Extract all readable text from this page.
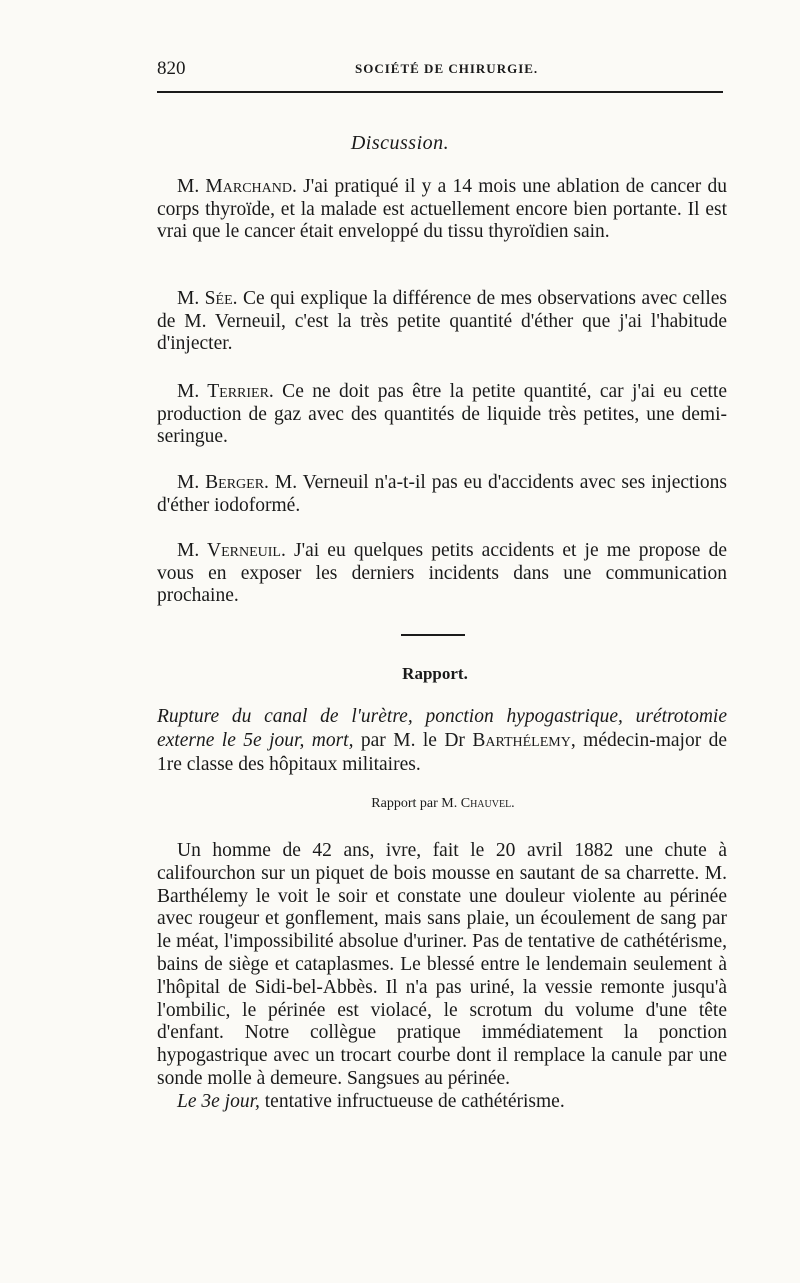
820	SOCIÉTÉ DE CHIRURGIE.
Discussion.

M. Marchand. J'ai pratiqué il y a 14 mois une ablation de cancer du corps thyroïde, et la malade est actuellement encore bien portante. Il est vrai que le cancer était enveloppé du tissu thyroïdien sain.

M. Sée. Ce qui explique la différence de mes observations avec celles de M. Verneuil, c'est la très petite quantité d'éther que j'ai l'habitude d'injecter.

M. Terrier. Ce ne doit pas être la petite quantité, car j'ai eu cette production de gaz avec des quantités de liquide très petites, une demi-seringue.

M. Berger. M. Verneuil n'a-t-il pas eu d'accidents avec ses injections d'éther iodoformé.

M. Verneuil. J'ai eu quelques petits accidents et je me propose de vous en exposer les derniers incidents dans une communication prochaine.

Rapport.

Rupture du canal de l'urètre, ponction hypogastrique, urétrotomie externe le 5e jour, mort, par M. le Dr Barthélemy, médecin-major de 1re classe des hôpitaux militaires.

Rapport par M. Chauvel.

Un homme de 42 ans, ivre, fait le 20 avril 1882 une chute à califourchon sur un piquet de bois mousse en sautant de sa charrette. M. Barthélemy le voit le soir et constate une douleur violente au périnée avec rougeur et gonflement, mais sans plaie, un écoulement de sang par le méat, l'impossibilité absolue d'uriner. Pas de tentative de cathétérisme, bains de siège et cataplasmes. Le blessé entre le lendemain seulement à l'hôpital de Sidi-bel-Abbès. Il n'a pas uriné, la vessie remonte jusqu'à l'ombilic, le périnée est violacé, le scrotum du volume d'une tête d'enfant. Notre collègue pratique immédiatement la ponction hypogastrique avec un trocart courbe dont il remplace la canule par une sonde molle à demeure. Sangsues au périnée.

Le 3e jour, tentative infructueuse de cathétérisme.
